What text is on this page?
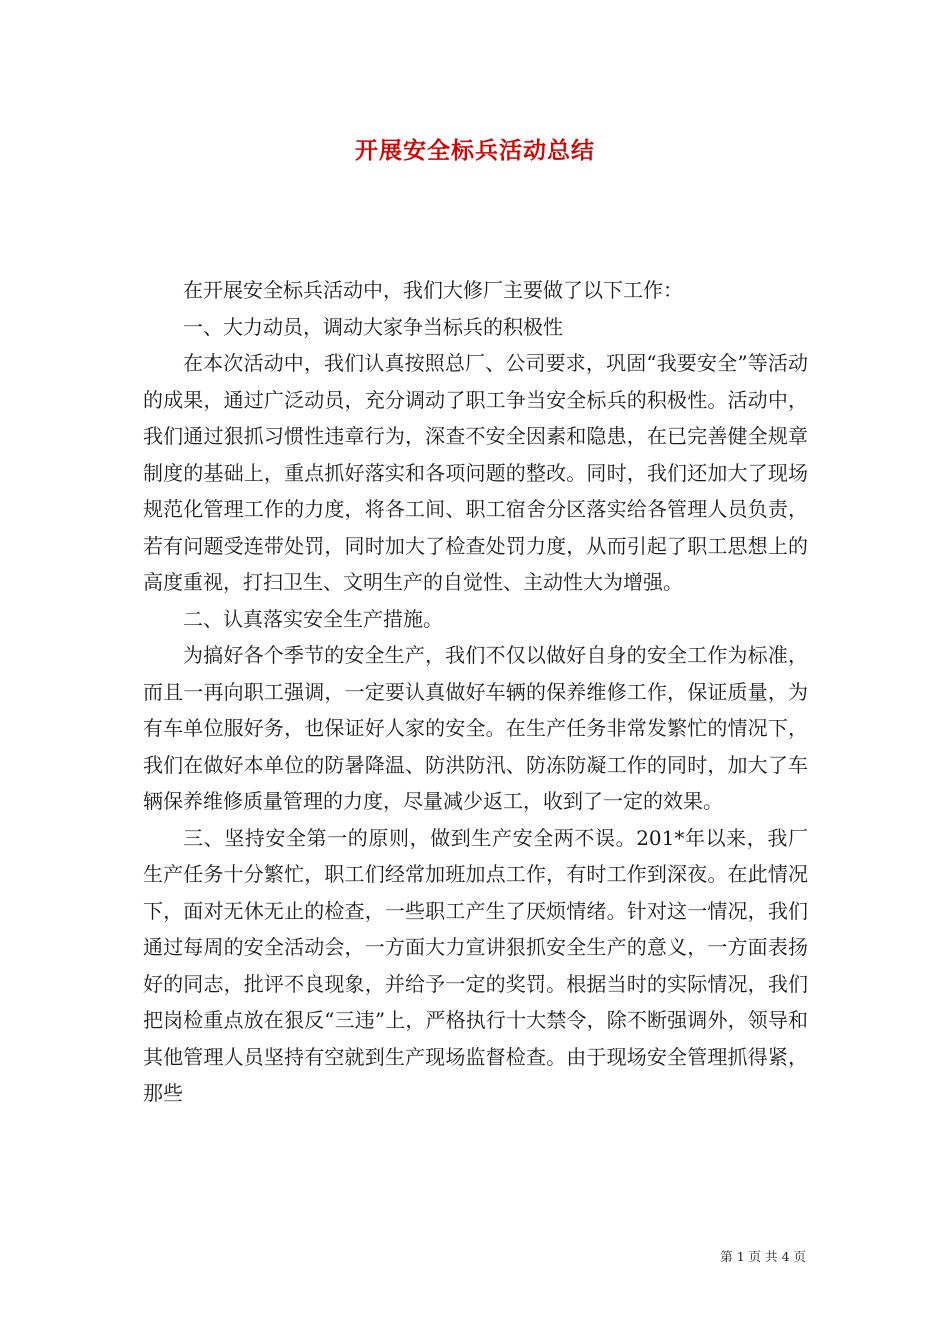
开展安全标兵活动总结

在开展安全标兵活动中，我们大修厂主要做了以下工作：

一、大力动员，调动大家争当标兵的积极性

在本次活动中，我们认真按照总厂、公司要求，巩固“我要安全”等活动的成果，通过广泛动员，充分调动了职工争当安全标兵的积极性。活动中，我们通过狠抓习惯性违章行为，深查不安全因素和隐患，在已完善健全规章制度的基础上，重点抓好落实和各项问题的整改。同时，我们还加大了现场规范化管理工作的力度，将各工间、职工宿舍分区落实给各管理人员负责，若有问题受连带处罚，同时加大了检查处罚力度，从而引起了职工思想上的高度重视，打扫卫生、文明生产的自觉性、主动性大为增强。

二、认真落实安全生产措施。

为搞好各个季节的安全生产，我们不仅以做好自身的安全工作为标准，而且一再向职工强调，一定要认真做好车辆的保养维修工作，保证质量，为有车单位服好务，也保证好人家的安全。在生产任务非常发繁忙的情况下，我们在做好本单位的防暑降温、防洪防汛、防冻防凝工作的同时，加大了车辆保养维修质量管理的力度，尽量减少返工，收到了一定的效果。

三、坚持安全第一的原则，做到生产安全两不误。201*年以来，我厂生产任务十分繁忙，职工们经常加班加点工作，有时工作到深夜。在此情况下，面对无休无止的检查，一些职工产生了厌烦情绪。针对这一情况，我们通过每周的安全活动会，一方面大力宣讲狠抓安全生产的意义，一方面表扬好的同志，批评不良现象，并给予一定的奖罚。根据当时的实际情况，我们把岗检重点放在狠反“三违”上，严格执行十大禁令，除不断强调外，领导和其他管理人员坚持有空就到生产现场监督检查。由于现场安全管理抓得紧，那些

第 1 页 共 4 页
